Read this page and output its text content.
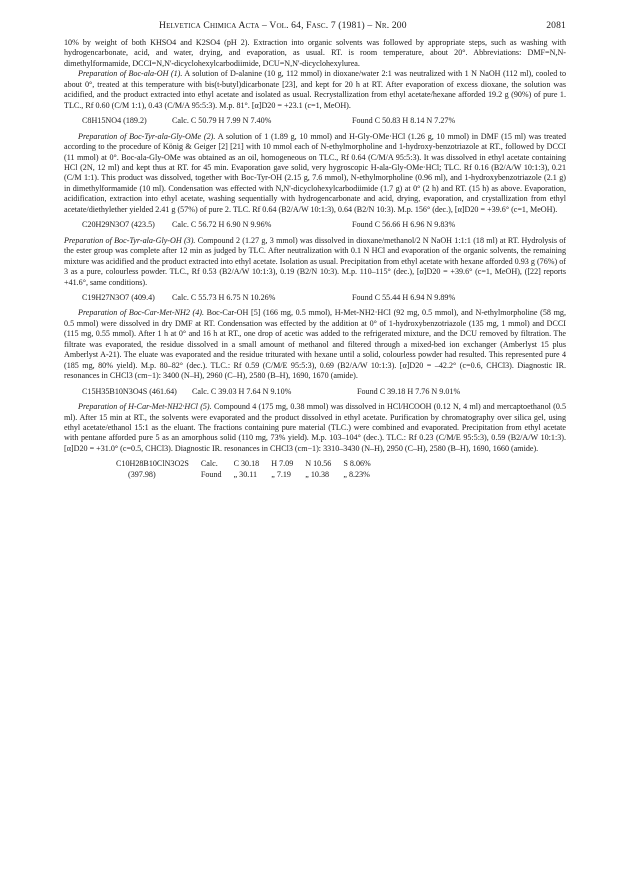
Helvetica Chimica Acta – Vol. 64, Fasc. 7 (1981) – Nr. 200	2081

10% by weight of both KHSO4 and K2SO4 (pH 2). Extraction into organic solvents was followed by appropriate steps, such as washing with hydrogencarbonate, acid, and water, drying, and evaporation, as usual. RT. is room temperature, about 20°. Abbreviations: DMF=N,N-dimethylformamide, DCCI=N,N'-dicyclohexylcarbodiimide, DCU=N,N'-dicyclohexylurea.

Preparation of Boc-ala-OH (1). A solution of D-alanine (10 g, 112 mmol) in dioxane/water 2:1 was neutralized with 1 N NaOH (112 ml), cooled to about 0°, treated at this temperature with bis(t-butyl)dicarbonate [23], and kept for 20 h at RT. After evaporation of excess dioxane, the solution was acidified, and the product extracted into ethyl acetate and isolated as usual. Recrystallization from ethyl acetate/hexane afforded 19.2 g (90%) of pure 1. TLC., Rf 0.60 (C/M 1:1), 0.43 (C/M/A 95:5:3). M.p. 81°. [α]D20 = +23.1 (c=1, MeOH).

C8H15NO4 (189.2)	Calc. C 50.79 H 7.99 N 7.40%	Found C 50.83 H 8.14 N 7.27%

Preparation of Boc-Tyr-ala-Gly-OMe (2). A solution of 1 (1.89 g, 10 mmol) and H-Gly-OMe·HCl (1.26 g, 10 mmol) in DMF (15 ml) was treated according to the procedure of König & Geiger [2] [21] with 10 mmol each of N-ethylmorpholine and 1-hydroxy-benzotriazole at RT., followed by DCCI (11 mmol) at 0°. Boc-ala-Gly-OMe was obtained as an oil, homogeneous on TLC., Rf 0.64 (C/M/A 95:5:3). It was dissolved in ethyl acetate containing HCl (2N, 12 ml) and kept thus at RT. for 45 min. Evaporation gave solid, very hygroscopic H-ala-Gly-OMe·HCl; TLC. Rf 0.16 (B2/A/W 10:1:3), 0.21 (C/M 1:1). This product was dissolved, together with Boc-Tyr-OH (2.15 g, 7.6 mmol), N-ethylmorpholine (0.96 ml), and 1-hydroxybenzotriazole (2.1 g) in dimethylformamide (10 ml). Condensation was effected with N,N'-dicyclohexylcarbodiimide (1.7 g) at 0° (2 h) and RT. (15 h) as above. Evaporation, acidification, extraction into ethyl acetate, washing sequentially with hydrogencarbonate and acid, drying, evaporation, and crystallization from ethyl acetate/diethylether yielded 2.41 g (57%) of pure 2. TLC. Rf 0.64 (B2/A/W 10:1:3), 0.64 (B2/N 10:3). M.p. 156° (dec.), [α]D20 = +39.6° (c=1, MeOH).

C20H29N3O7 (423.5) Calc. C 56.72 H 6.90 N 9.96%	Found C 56.66 H 6.96 N 9.83%

Preparation of Boc-Tyr-ala-Gly-OH (3). Compound 2 (1.27 g, 3 mmol) was dissolved in dioxane/methanol/2 N NaOH 1:1:1 (18 ml) at RT. Hydrolysis of the ester group was complete after 12 min as judged by TLC. After neutralization with 0.1 N HCl and evaporation of the organic solvents, the remaining mixture was acidified and the product extracted into ethyl acetate. Isolation as usual. Precipitation from ethyl acetate with hexane afforded 0.93 g (76%) of 3 as a pure, colourless powder. TLC., Rf 0.53 (B2/A/W 10:1:3), 0.19 (B2/N 10:3). M.p. 110–115° (dec.), [α]D20 = +39.6° (c=1, MeOH), ([22] reports +41.6°, same conditions).

C19H27N3O7 (409.4) Calc. C 55.73 H 6.75 N 10.26%	Found C 55.44 H 6.94 N 9.89%

Preparation of Boc-Car-Met-NH2 (4). Boc-Car-OH [5] (166 mg, 0.5 mmol), H-Met-NH2·HCl (92 mg, 0.5 mmol), and N-ethylmorpholine (58 mg, 0.5 mmol) were dissolved in dry DMF at RT. Condensation was effected by the addition at 0° of 1-hydroxybenzotriazole (135 mg, 1 mmol) and DCCI (115 mg, 0.55 mmol). After 1 h at 0° and 16 h at RT., one drop of acetic was added to the refrigerated mixture, and the DCU removed by filtration. The filtrate was evaporated, the residue dissolved in a small amount of methanol and filtered through a mixed-bed ion exchanger (Amberlyst 15 plus Amberlyst A-21). The eluate was evaporated and the residue triturated with hexane until a solid, colourless powder had resulted. This represented pure 4 (185 mg, 80% yield). M.p. 80–82° (dec.). TLC.: Rf 0.59 (C/M/E 95:5:3), 0.69 (B2/A/W 10:1:3). [α]D20 = –42.2° (c=0.6, CHCl3). Diagnostic IR. resonances in CHCl3 (cm−1): 3400 (N–H), 2960 (C–H), 2580 (B–H), 1690, 1670 (amide).

C15H35B10N3O4S (461.64) Calc. C 39.03 H 7.64 N 9.10%	Found C 39.18 H 7.76 N 9.01%

Preparation of H-Car-Met-NH2·HCl (5). Compound 4 (175 mg, 0.38 mmol) was dissolved in HCl/HCOOH (0.12 N, 4 ml) and mercaptoethanol (0.5 ml). After 15 min at RT., the solvents were evaporated and the product dissolved in ethyl acetate. Purification by chromatography over silica gel, using ethyl acetate/ethanol 15:1 as the eluant. The fractions containing pure material (TLC.) were combined and evaporated. Precipitation from ethyl acetate with pentane afforded pure 5 as an amorphous solid (110 mg, 73% yield). M.p. 103–104° (dec.). TLC.: Rf 0.23 (C/M/E 95:5:3), 0.59 (B2/A/W 10:1:3). [α]D20 = +31.0° (c=0.5, CHCl3). Diagnostic IR. resonances in CHCl3 (cm−1): 3310–3430 (N–H), 2950 (C–H), 2580 (B–H), 1690, 1660 (amide).

C10H28B10ClN3O2S	Calc.	C 30.18	H 7.09	N 10.56	S 8.06%
(397.98)	Found	„ 30.11	„ 7.19	„ 10.38	„ 8.23%
